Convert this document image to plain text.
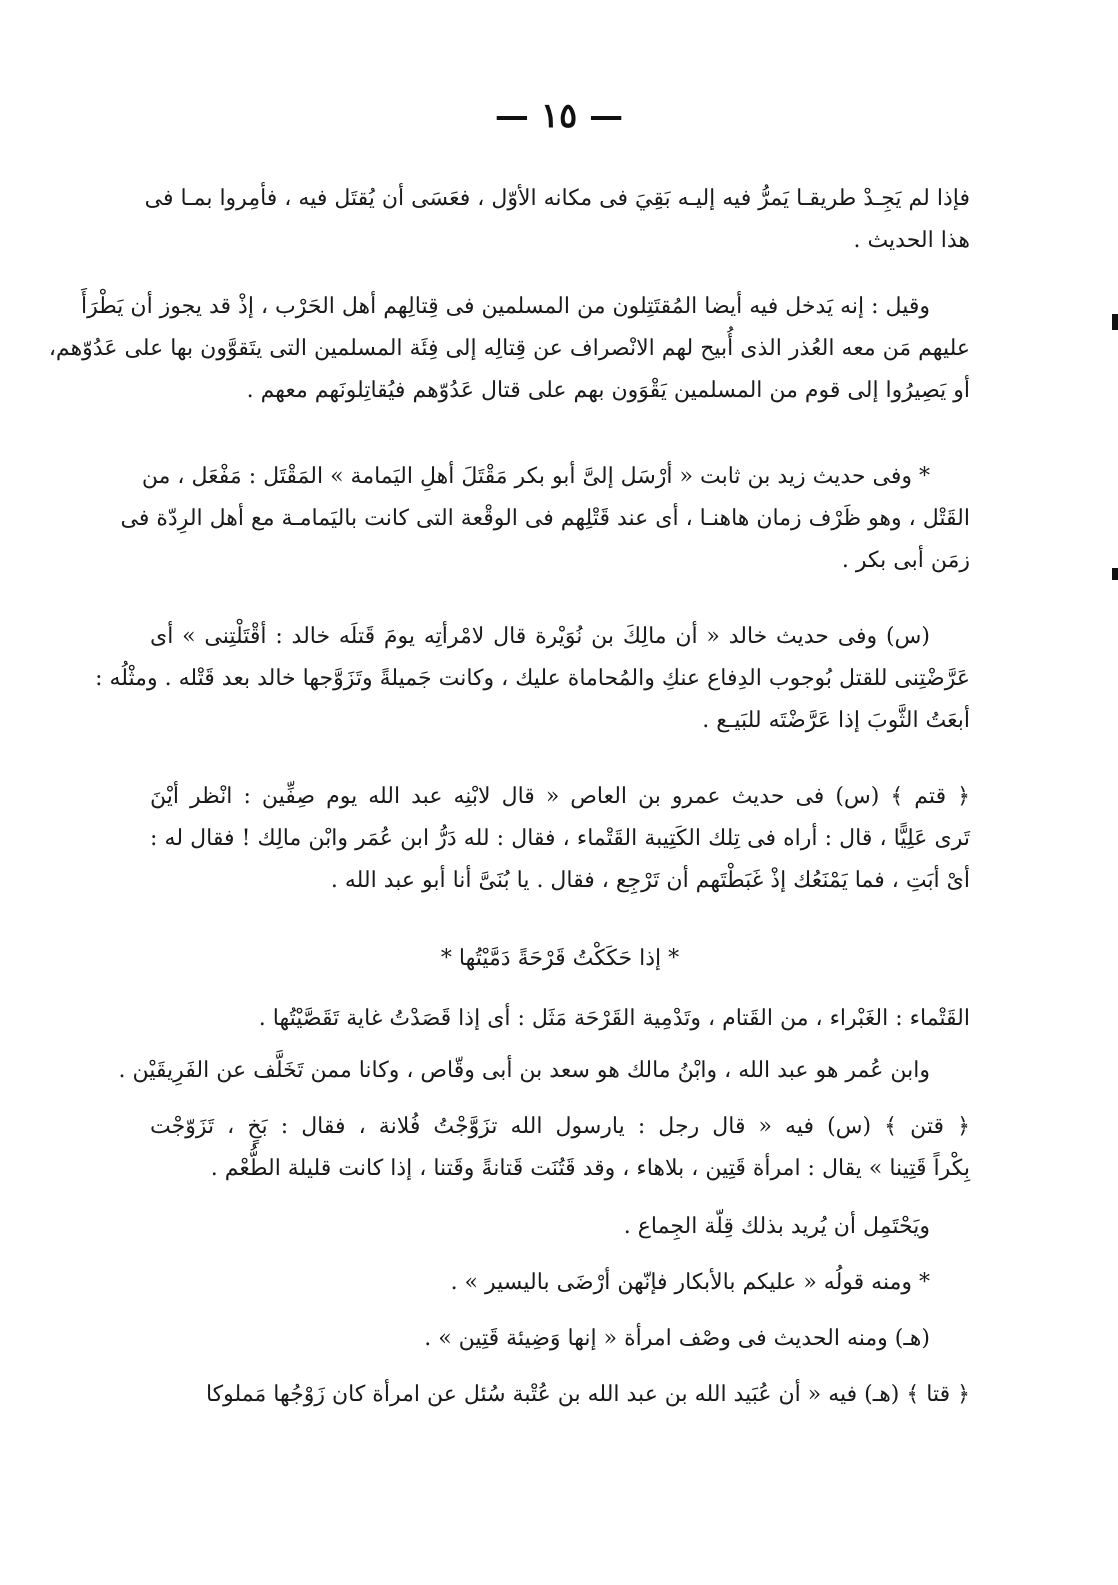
— ١٥ —
فإذا لم يَجِـدْ طريقـا يَمرُّ فيه إليـه بَقِيَ فى مكانه الأوّل ، فعَسَى أن يُقتَل فيه ، فأمِروا بمـا فى
هذا الحديث .
وقيل : إنه يَدخل فيه أيضا المُقتَتِلون من المسلمين فى قِتالِهم أهل الحَرْب ، إذْ قد يجوز أن يَطْرَأَ
عليهم مَن معه العُذر الذى أُبيح لهم الانْصراف عن قِتالِه إلى فِئَة المسلمين التى يتَقوَّون بها على عَدُوّهم،
أو يَصِيرُوا إلى قوم من المسلمين يَقْوَون بهم على قتال عَدُوّهم فيُقاتِلونَهم معهم .
* وفى حديث زيد بن ثابت « أرْسَل إلىَّ أبو بكر مَقْتَلَ أهلِ اليَمامة » المَقْتَل : مَفْعَل ، من
القَتْل ، وهو ظَرْف زمان هاهنـا ، أى عند قَتْلِهم فى الوقْعة التى كانت باليَمامـة مع أهل الرِدّة فى
زمَن أبى بكر .
(س) وفى حديث خالد « أن مالِكَ بن نُوَيْرة قال لامْرأتِه يومَ قَتلَه خالد : أقْتَلْتِنى » أى
عَرَّضْتِنى للقتل بُوجوب الدِفاع عنكِ والمُحاماة عليك ، وكانت جَميلةً وتَزَوَّجها خالد بعد قَتْله . ومثْلُه :
أبعَتُ الثَّوبَ إذا عَرَّضْتَه للبَيـع .
﴿ قتم ﴾ (س) فى حديث عمرو بن العاص « قال لابْنِه عبد الله يوم صِفِّين : انْظر أيْنَ
تَرى عَلِيًّا ، قال : أراه فى تِلك الكَتِيبة القَتْماء ، فقال : لله دَرُّ ابن عُمَر وابْن مالِك ! فقال له :
أىْ أبَتِ ، فما يَمْنَعُك إذْ غَبَطْتَهم أن تَرْجِع ، فقال . يا بُنَىَّ أنا أبو عبد الله .
* إذا حَكَكْتُ قَرْحَةً دَمَّيْتُها *
القَتْماء : الغَبْراء ، من القَتام ، وتَدْمِية القَرْحَة مَثَل : أى إذا قَصَدْتُ غاية تَقَصَّيْتُها .
وابن عُمر هو عبد الله ، وابْنُ مالك هو سعد بن أبى وقّاص ، وكانا ممن تَخَلَّف عن الفَرِيقَيْن .
﴿ قتن ﴾ (س) فيه « قال رجل : يارسول الله تزَوَّجْتُ فُلانة ، فقال : بَخٍ ، تَزَوّجْت
بِكْراً قَتِينا » يقال : امرأة قَتِين ، بلاهاء ، وقد قَتُنَت قَتانةً وقَتنا ، إذا كانت قليلة الطُّعْم .
ويَحْتَمِل أن يُريد بذلك قِلّة الجِماع .
* ومنه قولُه « عليكم بالأبكار فإنّهن أرْضَى باليسير » .
(هـ) ومنه الحديث فى وصْف امرأة « إنها وَضِيئة قَتِين » .
﴿ قتا ﴾ (هـ) فيه « أن عُبَيد الله بن عبد الله بن عُتْبة سُئل عن امرأة كان زَوْجُها مَملوكا
